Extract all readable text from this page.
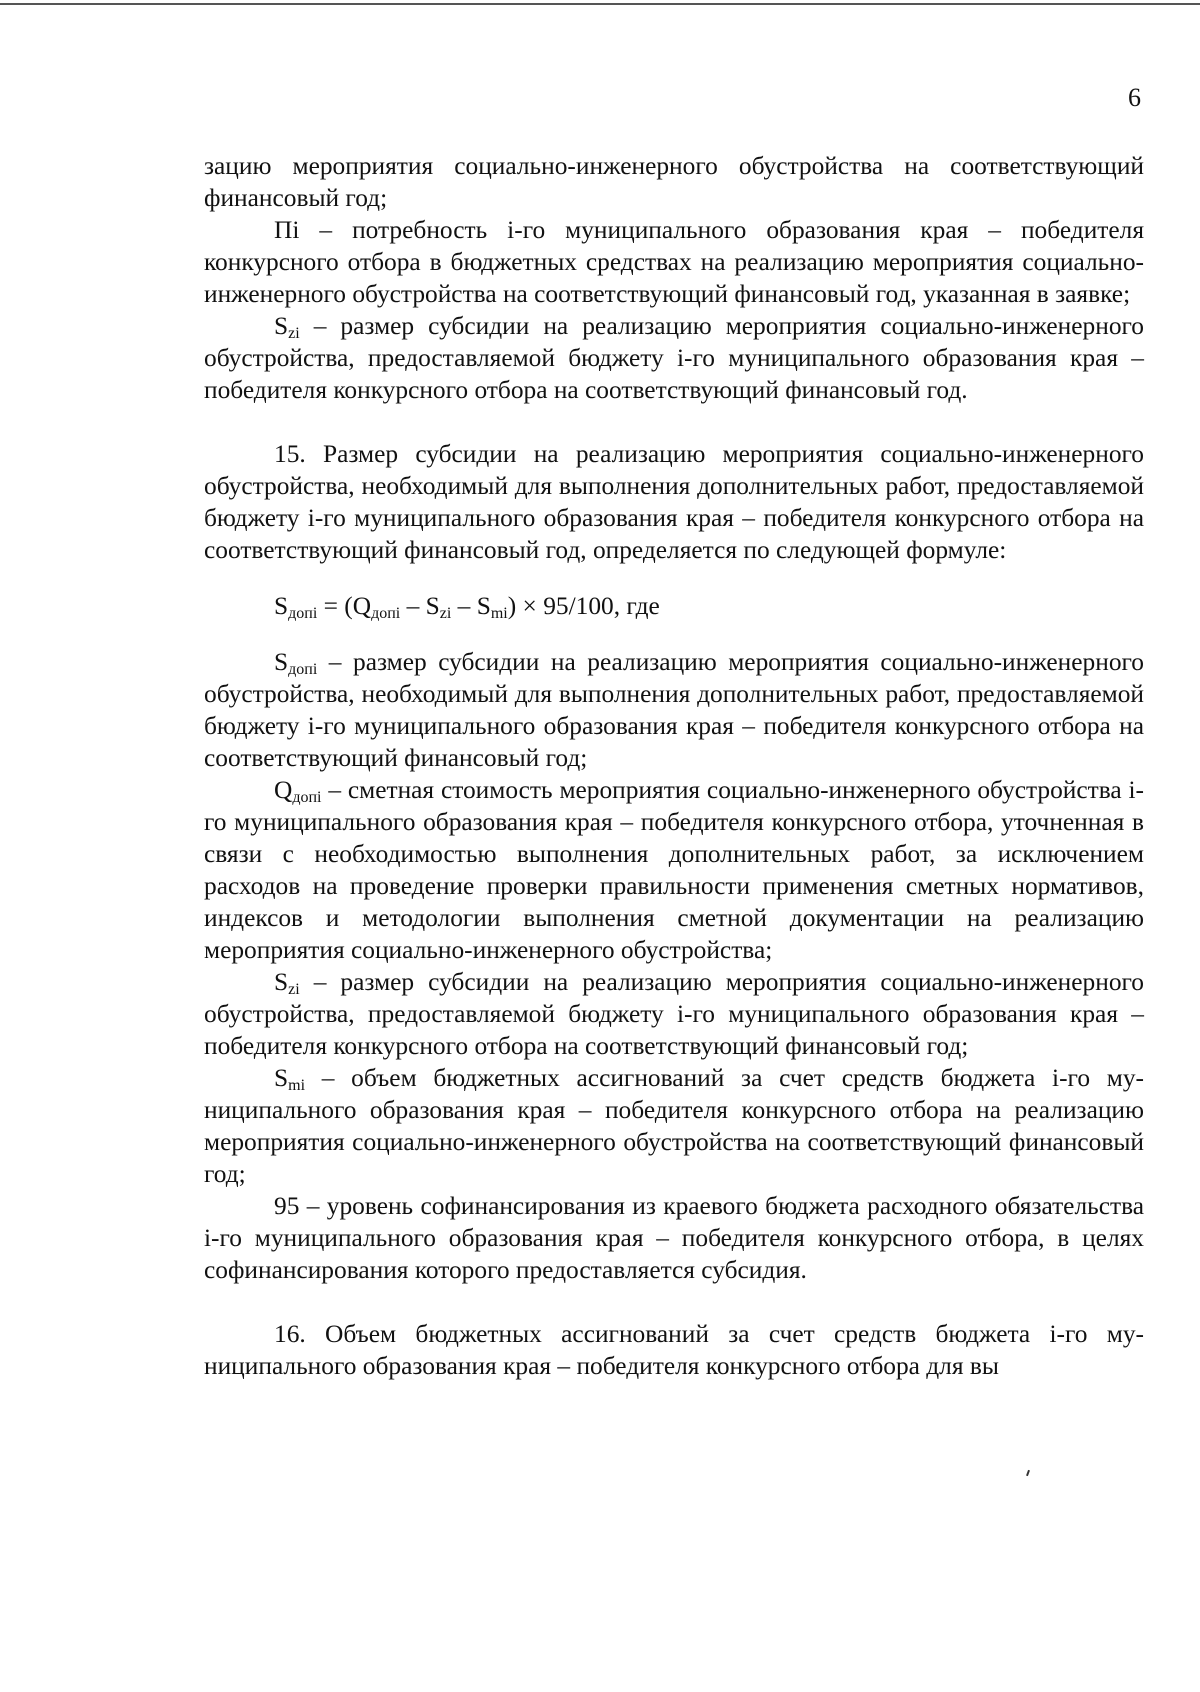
6

зацию мероприятия социально-инженерного обустройства на соответствующий финансовый год;

Пi – потребность i-го муниципального образования края – победителя конкурсного отбора в бюджетных средствах на реализацию мероприятия социально-инженерного обустройства на соответствующий финансовый год, указанная в заявке;

$S_{zi}$ – размер субсидии на реализацию мероприятия социально-инженерного обустройства, предоставляемой бюджету i-го муниципального образования края – победителя конкурсного отбора на соответствующий финансовый год.

15. Размер субсидии на реализацию мероприятия социально-инженерного обустройства, необходимый для выполнения дополнительных работ, предоставляемой бюджету i-го муниципального образования края – победителя конкурсного отбора на соответствующий финансовый год, определяется по следующей формуле:

$S_{допi} = (Q_{допi} - S_{zi} - S_{mi}) \times 95/100$, где

$S_{допi}$ – размер субсидии на реализацию мероприятия социально-инженерного обустройства, необходимый для выполнения дополнительных работ, предоставляемой бюджету i-го муниципального образования края – победителя конкурсного отбора на соответствующий финансовый год;

$Q_{допi}$ – сметная стоимость мероприятия социально-инженерного обустройства i-го муниципального образования края – победителя конкурсного отбора, уточненная в связи с необходимостью выполнения дополнительных работ, за исключением расходов на проведение проверки правильности применения сметных нормативов, индексов и методологии выполнения сметной документации на реализацию мероприятия социально-инженерного обустройства;

$S_{zi}$ – размер субсидии на реализацию мероприятия социально-инженерного обустройства, предоставляемой бюджету i-го муниципального образования края – победителя конкурсного отбора на соответствующий финансовый год;

$S_{mi}$ – объем бюджетных ассигнований за счет средств бюджета i-го муниципального образования края – победителя конкурсного отбора на реализацию мероприятия социально-инженерного обустройства на соответствующий финансовый год;

95 – уровень софинансирования из краевого бюджета расходного обязательства i-го муниципального образования края – победителя конкурсного отбора, в целях софинансирования которого предоставляется субсидия.

16. Объем бюджетных ассигнований за счет средств бюджета i-го муниципального образования края – победителя конкурсного отбора для вы
